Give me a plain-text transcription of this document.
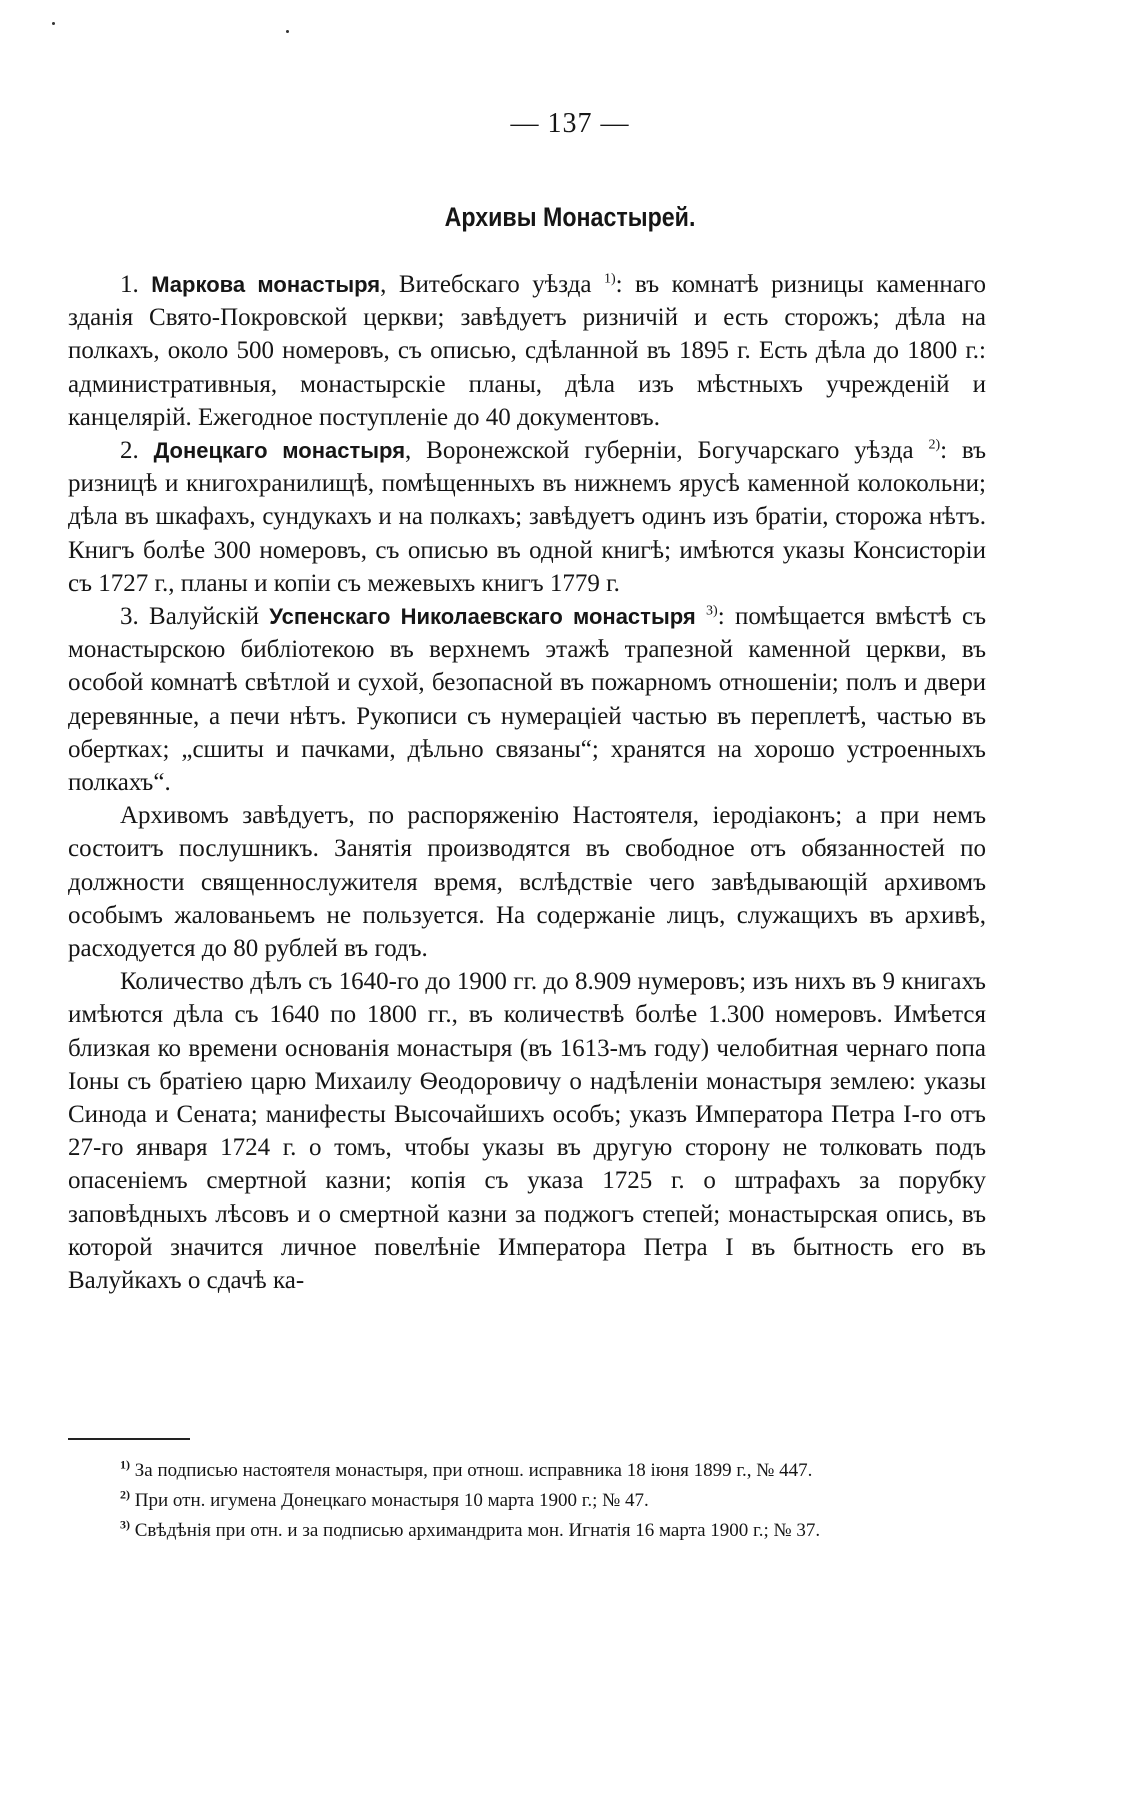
— 137 —
Архивы Монастырей.

1. Маркова монастыря, Витебскаго уѣзда $^{1)}$: въ комнатѣ ризницы каменнаго зданія Свято-Покровской церкви; завѣдуетъ ризничій и есть сторожъ; дѣла на полкахъ, около 500 номеровъ, съ описью, сдѣланной въ 1895 г. Есть дѣла до 1800 г.: административныя, монастырскіе планы, дѣла изъ мѣстныхъ учрежденій и канцелярій. Ежегодное поступленіе до 40 документовъ.

2. Донецкаго монастыря, Воронежской губерніи, Богучарскаго уѣзда $^{2)}$: въ ризницѣ и книгохранилищѣ, помѣщенныхъ въ нижнемъ ярусѣ каменной колокольни; дѣла въ шкафахъ, сундукахъ и на полкахъ; завѣдуетъ одинъ изъ братіи, сторожа нѣтъ. Книгъ болѣе 300 номеровъ, съ описью въ одной книгѣ; имѣются указы Консисторіи съ 1727 г., планы и копіи съ межевыхъ книгъ 1779 г.

3. Валуйскій Успенскаго Николаевскаго монастыря $^{3)}$: помѣщается вмѣстѣ съ монастырскою библіотекою въ верхнемъ этажѣ трапезной каменной церкви, въ особой комнатѣ свѣтлой и сухой, безопасной въ пожарномъ отношеніи; полъ и двери деревянные, а печи нѣтъ. Рукописи съ нумераціей частью въ переплетѣ, частью въ обертках; „сшиты и пачками, дѣльно связаны“; хранятся на хорошо устроенныхъ полкахъ“.

Архивомъ завѣдуетъ, по распоряженію Настоятеля, іеродіаконъ; а при немъ состоитъ послушникъ. Занятія производятся въ свободное отъ обязанностей по должности священнослужителя время, вслѣдствіе чего завѣдывающій архивомъ особымъ жалованьемъ не пользуется. На содержаніе лицъ, служащихъ въ архивѣ, расходуется до 80 рублей въ годъ.

Количество дѣлъ съ 1640-го до 1900 гг. до 8.909 нумеровъ; изъ нихъ въ 9 книгахъ имѣются дѣла съ 1640 по 1800 гг., въ количествѣ болѣе 1.300 номеровъ. Имѣется близкая ко времени основанія монастыря (въ 1613-мъ году) челобитная чернаго попа Іоны съ братіею царю Михаилу Ѳеодоровичу о надѣленіи монастыря землею: указы Синода и Сената; манифесты Высочайшихъ особъ; указъ Императора Петра I-го отъ 27-го января 1724 г. о томъ, чтобы указы въ другую сторону не толковать подъ опасеніемъ смертной казни; копія съ указа 1725 г. о штрафахъ за порубку заповѣдныхъ лѣсовъ и о смертной казни за поджогъ степей; монастырская опись, въ которой значится личное повелѣніе Императора Петра I въ бытность его въ Валуйкахъ о сдачѣ ка-

$^{1)}$ За подписью настоятеля монастыря, при отнош. исправника 18 іюня 1899 г., № 447.

$^{2)}$ При отн. игумена Донецкаго монастыря 10 марта 1900 г.; № 47.

$^{3)}$ Свѣдѣнія при отн. и за подписью архимандрита мон. Игнатія 16 марта 1900 г.; № 37.
